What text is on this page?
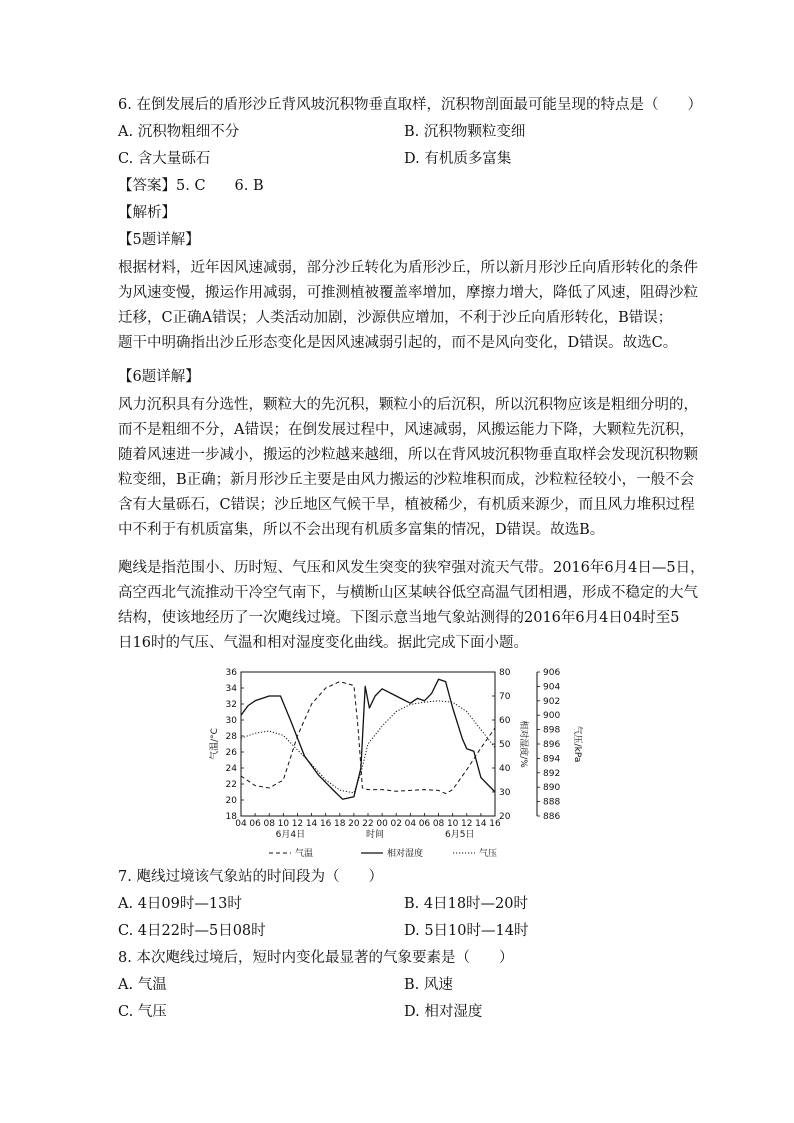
6. 在倒发展后的盾形沙丘背风坡沉积物垂直取样，沉积物剖面最可能呈现的特点是（　　）
A. 沉积物粗细不分	B. 沉积物颗粒变细
C. 含大量砾石	D. 有机质多富集
【答案】5. C　　6. B
【解析】
【5题详解】
根据材料，近年因风速减弱，部分沙丘转化为盾形沙丘，所以新月形沙丘向盾形转化的条件
为风速变慢，搬运作用减弱，可推测植被覆盖率增加，摩擦力增大，降低了风速，阻碍沙粒
迁移，C正确A错误；人类活动加剧，沙源供应增加，不利于沙丘向盾形转化，B错误；
题干中明确指出沙丘形态变化是因风速减弱引起的，而不是风向变化，D错误。故选C。
【6题详解】
风力沉积具有分选性，颗粒大的先沉积，颗粒小的后沉积，所以沉积物应该是粗细分明的，
而不是粗细不分，A错误；在倒发展过程中，风速减弱，风搬运能力下降，大颗粒先沉积，
随着风速进一步减小，搬运的沙粒越来越细，所以在背风坡沉积物垂直取样会发现沉积物颗
粒变细，B正确；新月形沙丘主要是由风力搬运的沙粒堆积而成，沙粒粒径较小，一般不会
含有大量砾石，C错误；沙丘地区气候干旱，植被稀少，有机质来源少，而且风力堆积过程
中不利于有机质富集，所以不会出现有机质多富集的情况，D错误。故选B。
飑线是指范围小、历时短、气压和风发生突变的狭窄强对流天气带。2016年6月4日—5日，
高空西北气流推动干冷空气南下，与横断山区某峡谷低空高温气团相遇，形成不稳定的大气
结构，使该地经历了一次飑线过境。下图示意当地气象站测得的2016年6月4日04时至5
日16时的气压、气温和相对湿度变化曲线。据此完成下面小题。
18
20
22
24
26
28
30
32
34
36
气温/°C
20
30
40
50
60
70
80
相对湿度/%
886
888
890
892
894
896
898
900
902
904
906
气压/kPa
04 06 08 10 12 14 16 18 20 22 00 02 04 06 08 10 12 14 16
6月4日	6月5日
时间
气温	相对湿度	气压
7. 飑线过境该气象站的时间段为（　　）
A. 4日09时—13时	B. 4日18时—20时
C. 4日22时—5日08时	D. 5日10时—14时
8. 本次飑线过境后，短时内变化最显著的气象要素是（　　）
A. 气温	B. 风速
C. 气压	D. 相对湿度
